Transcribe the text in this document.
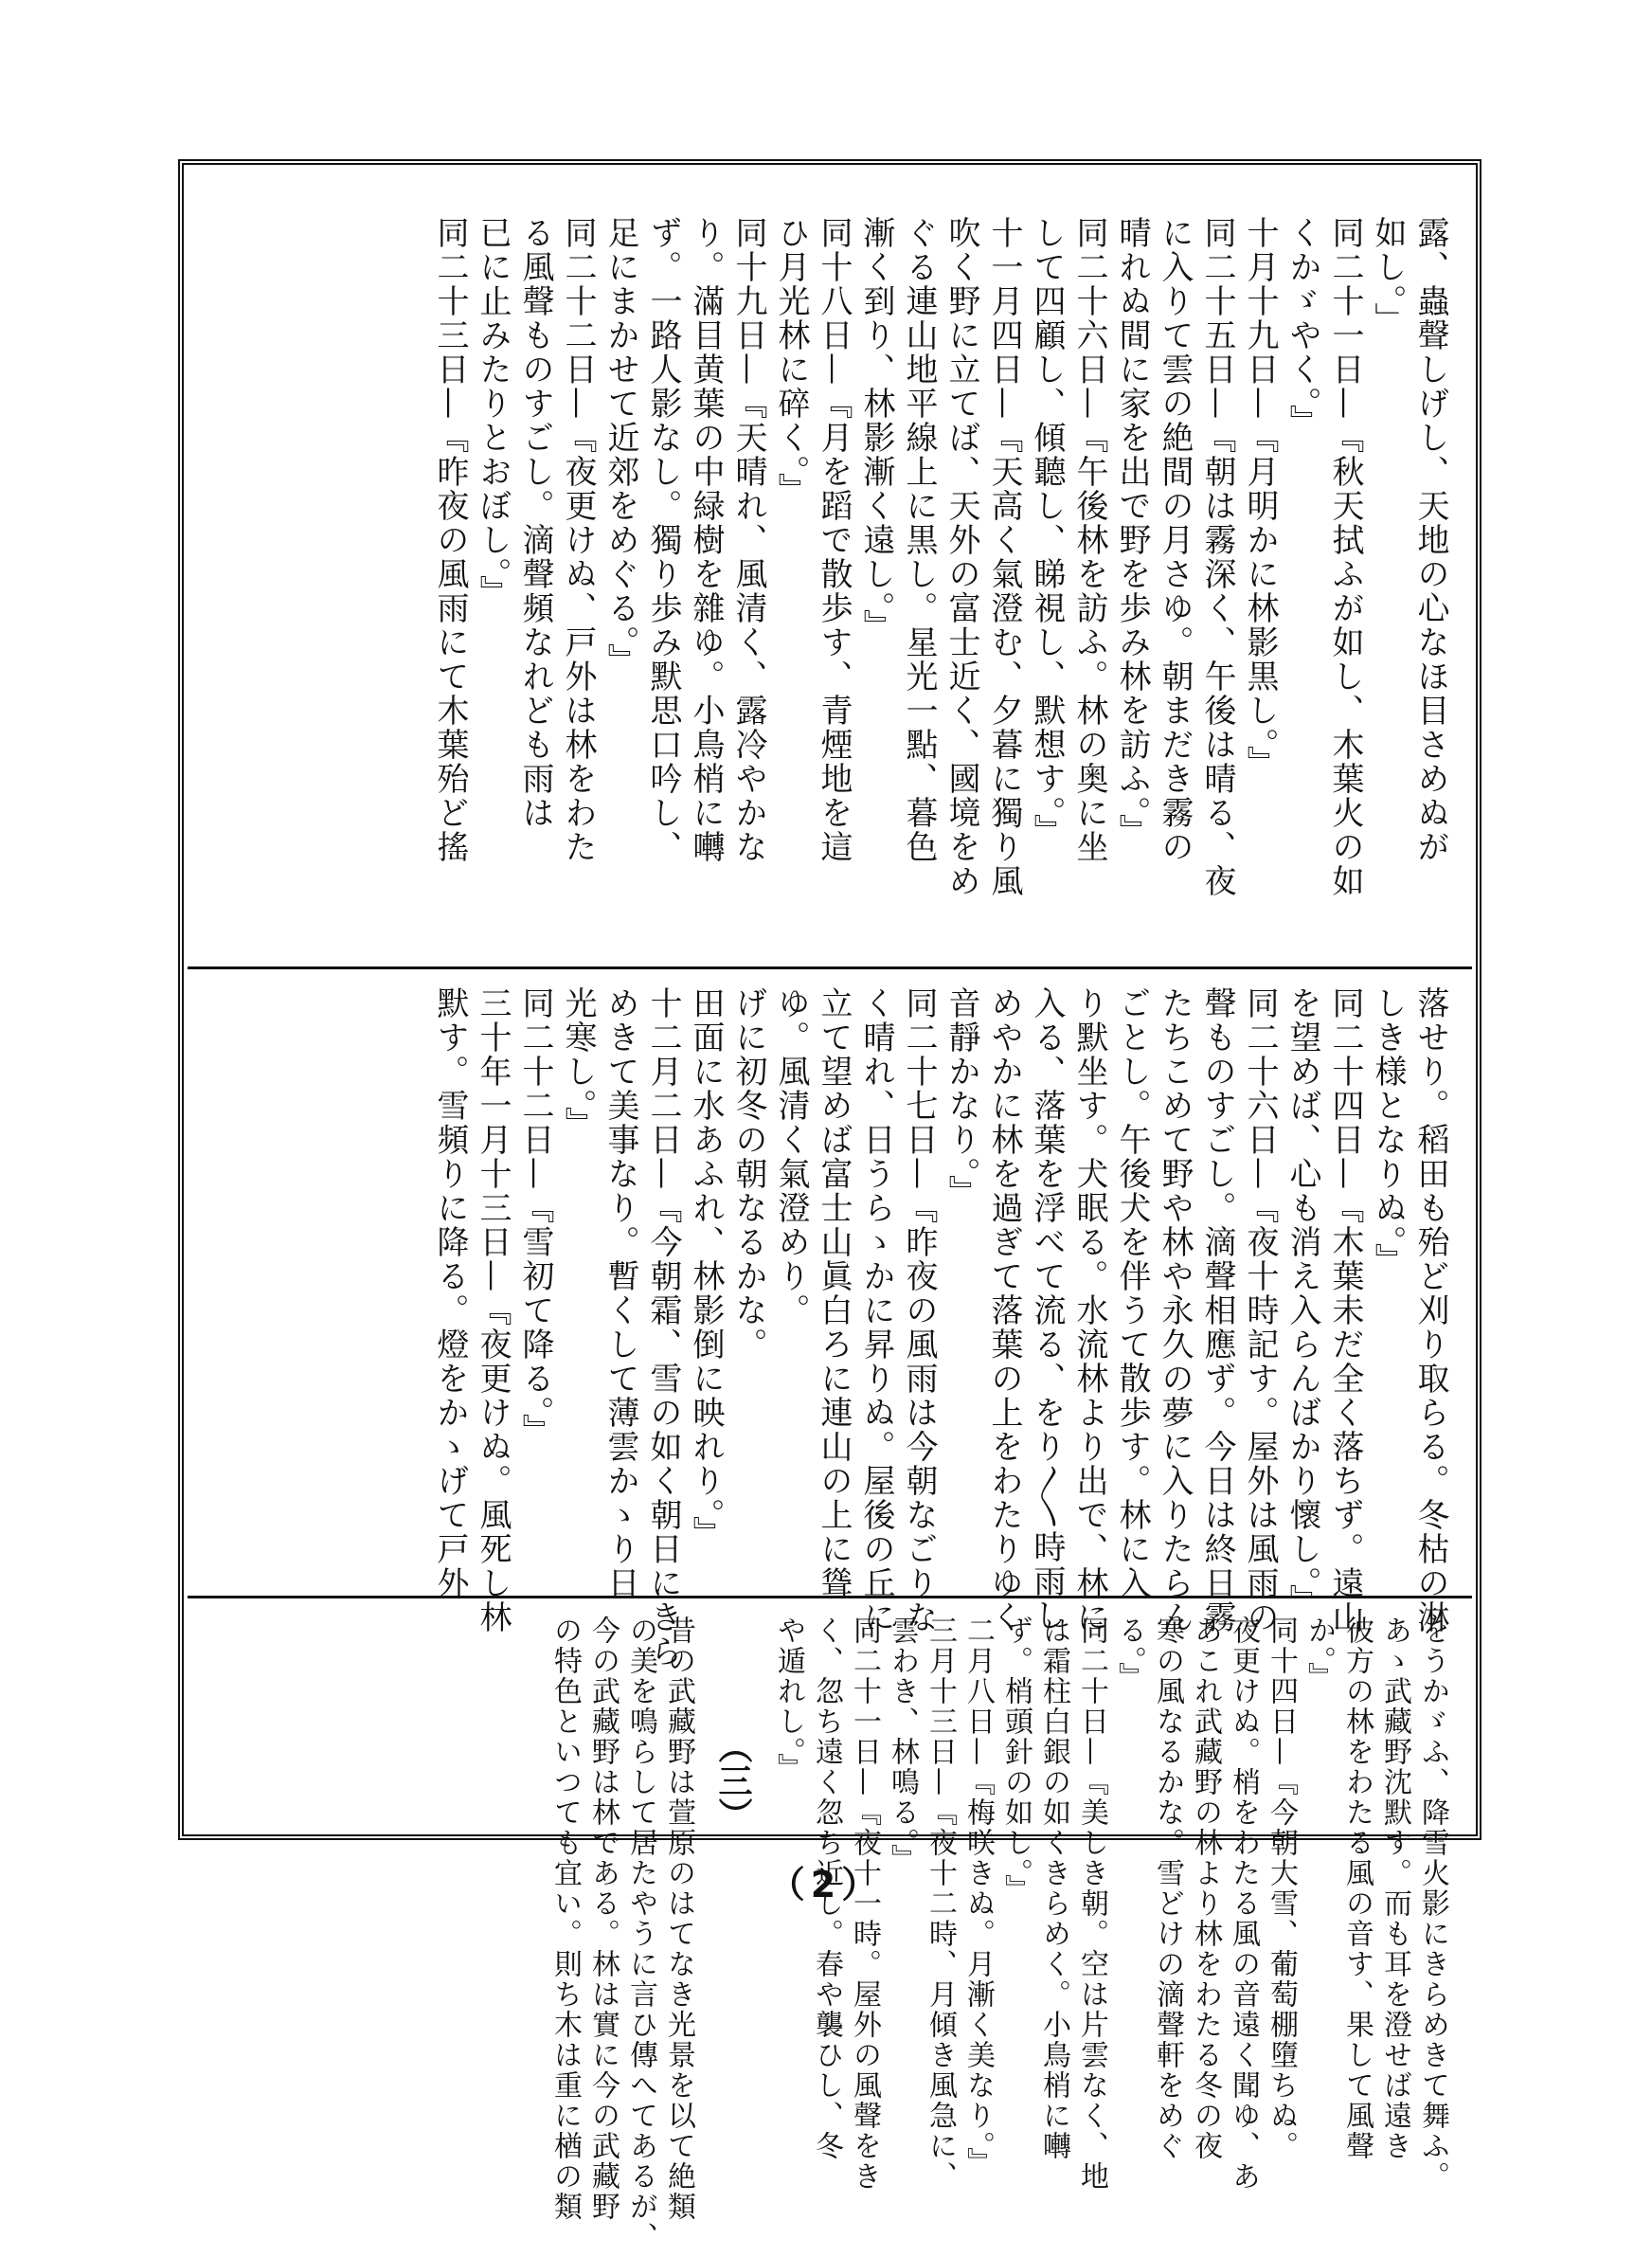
露、蟲聲しげし、天地の心なほ目さめぬが
如し。」
同二十一日—『秋天拭ふが如し、木葉火の如
くかゞやく。』
十月十九日—『月明かに林影黒し。』
同二十五日—『朝は霧深く、午後は晴る、夜
に入りて雲の絶間の月さゆ。朝まだき霧の
晴れぬ間に家を出で野を歩み林を訪ふ。』
同二十六日—『午後林を訪ふ。林の奥に坐
して四顧し、傾聽し、睇視し、默想す。』
十一月四日—『天高く氣澄む、夕暮に獨り風
吹く野に立てば、天外の富士近く、國境をめ
ぐる連山地平線上に黒し。星光一點、暮色
漸く到り、林影漸く遠し。』
同十八日—『月を蹈で散歩す、青煙地を這
ひ月光林に碎く。』
同十九日—『天晴れ、風清く、露冷やかな
り。滿目黄葉の中緑樹を雜ゆ。小鳥梢に囀
ず。一路人影なし。獨り歩み默思口吟し、
足にまかせて近郊をめぐる。』
同二十二日—『夜更けぬ、戸外は林をわた
る風聲ものすごし。滴聲頻なれども雨は
已に止みたりとおぼし。』
同二十三日—『昨夜の風雨にて木葉殆ど搖
落せり。稻田も殆ど刈り取らる。冬枯の淋
しき様となりぬ。』
同二十四日—『木葉未だ全く落ちず。遠山
を望めば、心も消え入らんばかり懷し。』
同二十六日—『夜十時記す。屋外は風雨の
聲ものすごし。滴聲相應ず。今日は終日霧
たちこめて野や林や永久の夢に入りたらん
ごとし。午後犬を伴うて散歩す。林に入
り默坐す。犬眠る。水流林より出で、林に
入る、落葉を浮べて流る、をり〳〵時雨し
めやかに林を過ぎて落葉の上をわたりゆく
音靜かなり。』
同二十七日—『昨夜の風雨は今朝なごりな
く晴れ、日うらゝかに昇りぬ。屋後の丘に
立て望めば富士山眞白ろに連山の上に聳
ゆ。風清く氣澄めり。
げに初冬の朝なるかな。
田面に水あふれ、林影倒に映れり。』
十二月二日—『今朝霜、雪の如く朝日にきら
めきて美事なり。暫くして薄雲かゝり日
光寒し。』
同二十二日—『雪初て降る。』
三十年一月十三日—『夜更けぬ。風死し林
默す。雪頻りに降る。燈をかゝげて戸外
をうかゞふ、降雪火影にきらめきて舞ふ。
あゝ武藏野沈默す。而も耳を澄せば遠き
彼方の林をわたる風の音す、果して風聲
か。』
同十四日—『今朝大雪、葡萄棚墮ちぬ。
夜更けぬ。梢をわたる風の音遠く聞ゆ、あ
あこれ武藏野の林より林をわたる冬の夜
寒の風なるかな。雪どけの滴聲軒をめぐ
る。』
同二十日—『美しき朝。空は片雲なく、地
は霜柱白銀の如くきらめく。小鳥梢に囀
ず。梢頭針の如し。』
二月八日—『梅咲きぬ。月漸く美なり。』
三月十三日—『夜十二時、月傾き風急に、
雲わき、林鳴る。』
同二十一日—『夜十一時。屋外の風聲をき
く、忽ち遠く忽ち近し。春や襲ひし、冬
や遁れし。』
（三）
昔の武藏野は萱原のはてなき光景を以て絶類
の美を鳴らして居たやうに言ひ傳へてあるが、
今の武藏野は林である。林は實に今の武藏野
の特色といつても宜い。則ち木は重に楢の類	（2）
